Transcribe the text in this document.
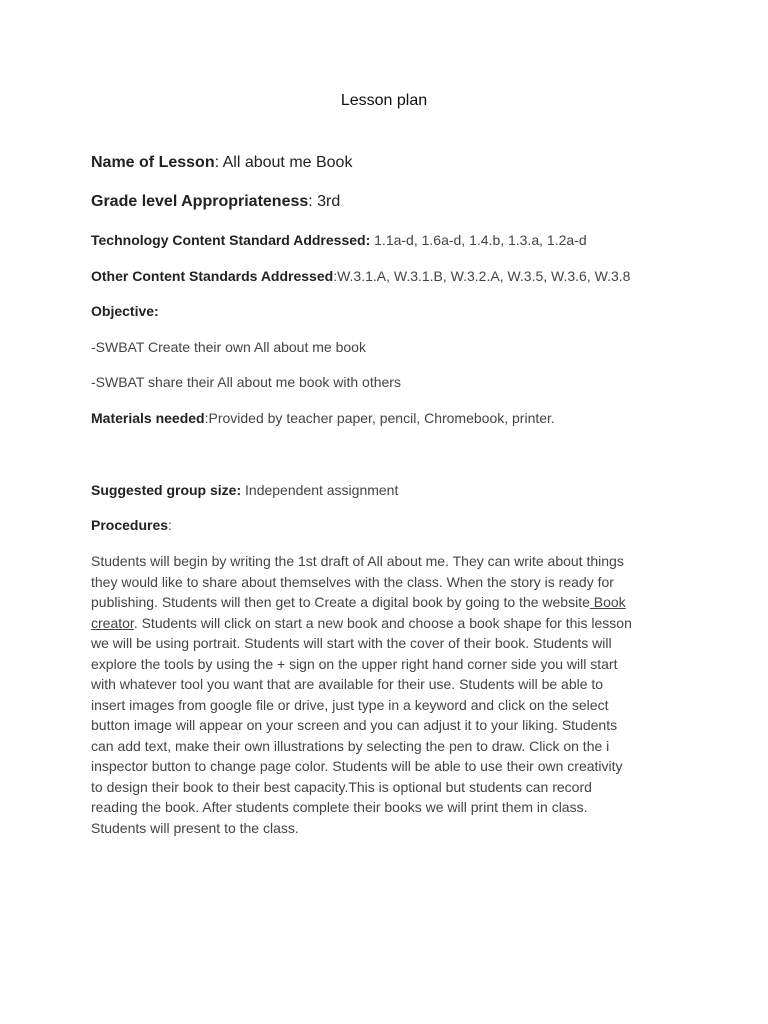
Lesson plan
Name of Lesson: All about me Book
Grade level Appropriateness: 3rd
Technology Content Standard Addressed: 1.1a-d, 1.6a-d, 1.4.b, 1.3.a, 1.2a-d
Other Content Standards Addressed:W.3.1.A, W.3.1.B, W.3.2.A, W.3.5, W.3.6, W.3.8
Objective:
-SWBAT Create their own All about me book
-SWBAT share their All about me book with others
Materials needed:Provided by teacher paper, pencil, Chromebook, printer.
Suggested group size: Independent assignment
Procedures:
Students will begin by writing the 1st draft of All about me. They can write about things
they would like to share about themselves with the class. When the story is ready for
publishing. Students will then get to Create a digital book by going to the website Book
creator. Students will click on start a new book and choose a book shape for this lesson
we will be using portrait. Students will start with the cover of their book. Students will
explore the tools by using the + sign on the upper right hand corner side you will start
with whatever tool you want that are available for their use. Students will be able to
insert images from google file or drive, just type in a keyword and click on the select
button image will appear on your screen and you can adjust it to your liking. Students
can add text, make their own illustrations by selecting the pen to draw. Click on the i
inspector button to change page color. Students will be able to use their own creativity
to design their book to their best capacity.This is optional but students can record
reading the book. After students complete their books we will print them in class.
Students will present to the class.
